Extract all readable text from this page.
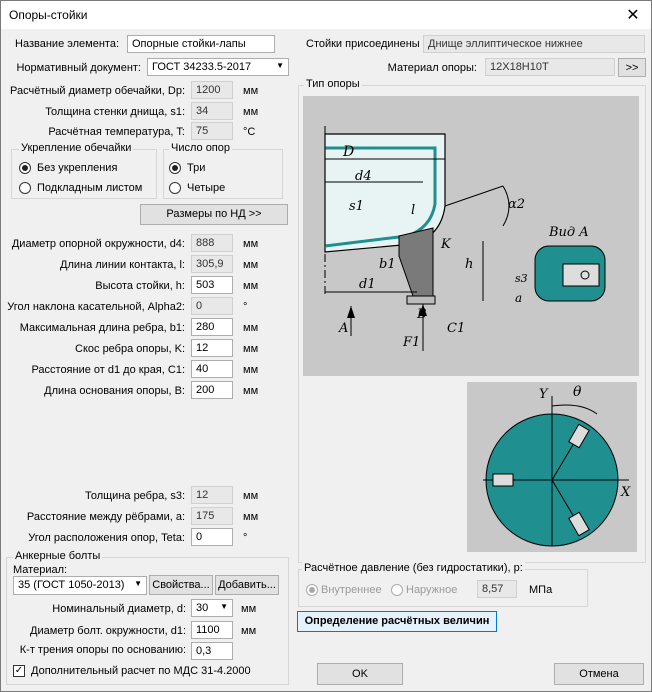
Опоры-стойки	✕
Название элемента:	Опорные стойки-лапы
Нормативный документ:	ГОСТ 34233.5-2017	▼
Стойки присоединены Днище эллиптическое нижнее
Материал опоры:	12Х18Н10Т	>>
Расчётный диаметр обечайки, Dp:	1200	мм
Толщина стенки днища, s1:	34	мм
Расчётная температура, T:	75	°С
Укрепление обечайки
Без укрепления
Подкладным листом
Число опор
Три
Четыре
Размеры по НД >>
Диаметр опорной окружности, d4:	888	мм
Длина линии контакта, l:	305,9	мм
Высота стойки, h:	503	мм
Угол наклона касательной, Alpha2:	0	°
Максимальная длина ребра, b1:	280	мм
Скос ребра опоры, K:	12	мм
Расстояние от d1 до края, C1:	40	мм
Длина основания опоры, B:	200	мм
Толщина ребра, s3:	12	мм
Расстояние между рёбрами, a:	175	мм
Угол расположения опор, Teta:	0	°
Анкерные болты
Материал:
35 (ГОСТ 1050-2013) ▼ Свойства... Добавить...
Номинальный диаметр, d: 30 ▼ мм
Диаметр болт. окружности, d1: 1100	мм
К-т трения опоры по основанию: 0,3
✓ Дополнительный расчет по МДС 31-4.2000
Тип опоры
D
d4
s1	l	α2
K
h
b1
d1
B
C1
F1
A
Вид A
a
s3
Y
X
θ
Расчётное давление (без гидростатики), p:
Внутреннее Наружное	8,57	МПа
Определение расчётных величин
OK	Отмена
